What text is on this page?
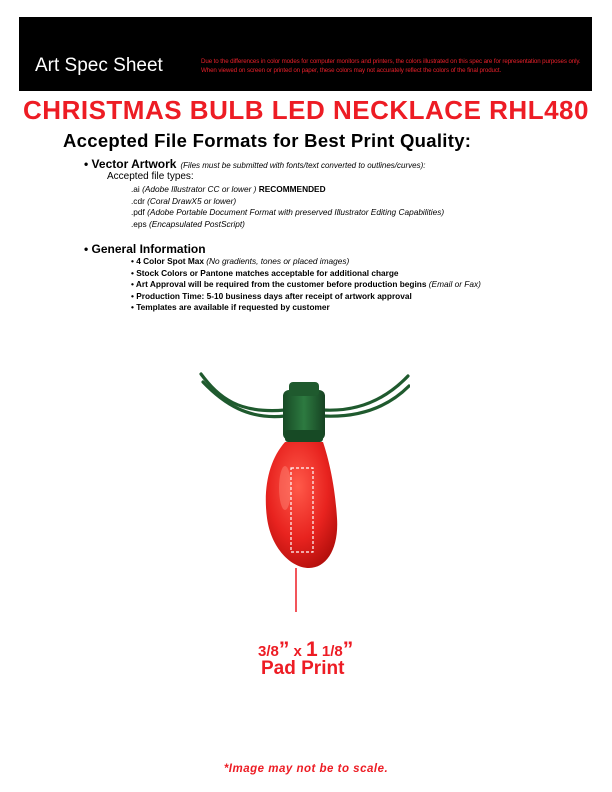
Art Spec Sheet	Due to the differences in color modes for computer monitors and printers, the colors illustrated on this spec are for representation purposes only. When viewed on screen or printed on paper, these colors may not accurately reflect the colors of the final product.
CHRISTMAS BULB LED NECKLACE RHL480
Accepted File Formats for Best Print Quality:
• Vector Artwork (Files must be submitted with fonts/text converted to outlines/curves):
Accepted file types:
.ai (Adobe Illustrator CC or lower ) RECOMMENDED
.cdr (Coral DrawX5 or lower)
.pdf (Adobe Portable Document Format with preserved Illustrator Editing Capabilities)
.eps (Encapsulated PostScript)
• General Information
• 4 Color Spot Max (No gradients, tones or placed images)
• Stock Colors or Pantone matches acceptable for additional charge
• Art Approval will be required from the customer before production begins (Email or Fax)
• Production Time: 5-10 business days after receipt of artwork approval
• Templates are available if requested by customer
3/8” x 1 1/8”
Pad Print
*Image may not be to scale.
